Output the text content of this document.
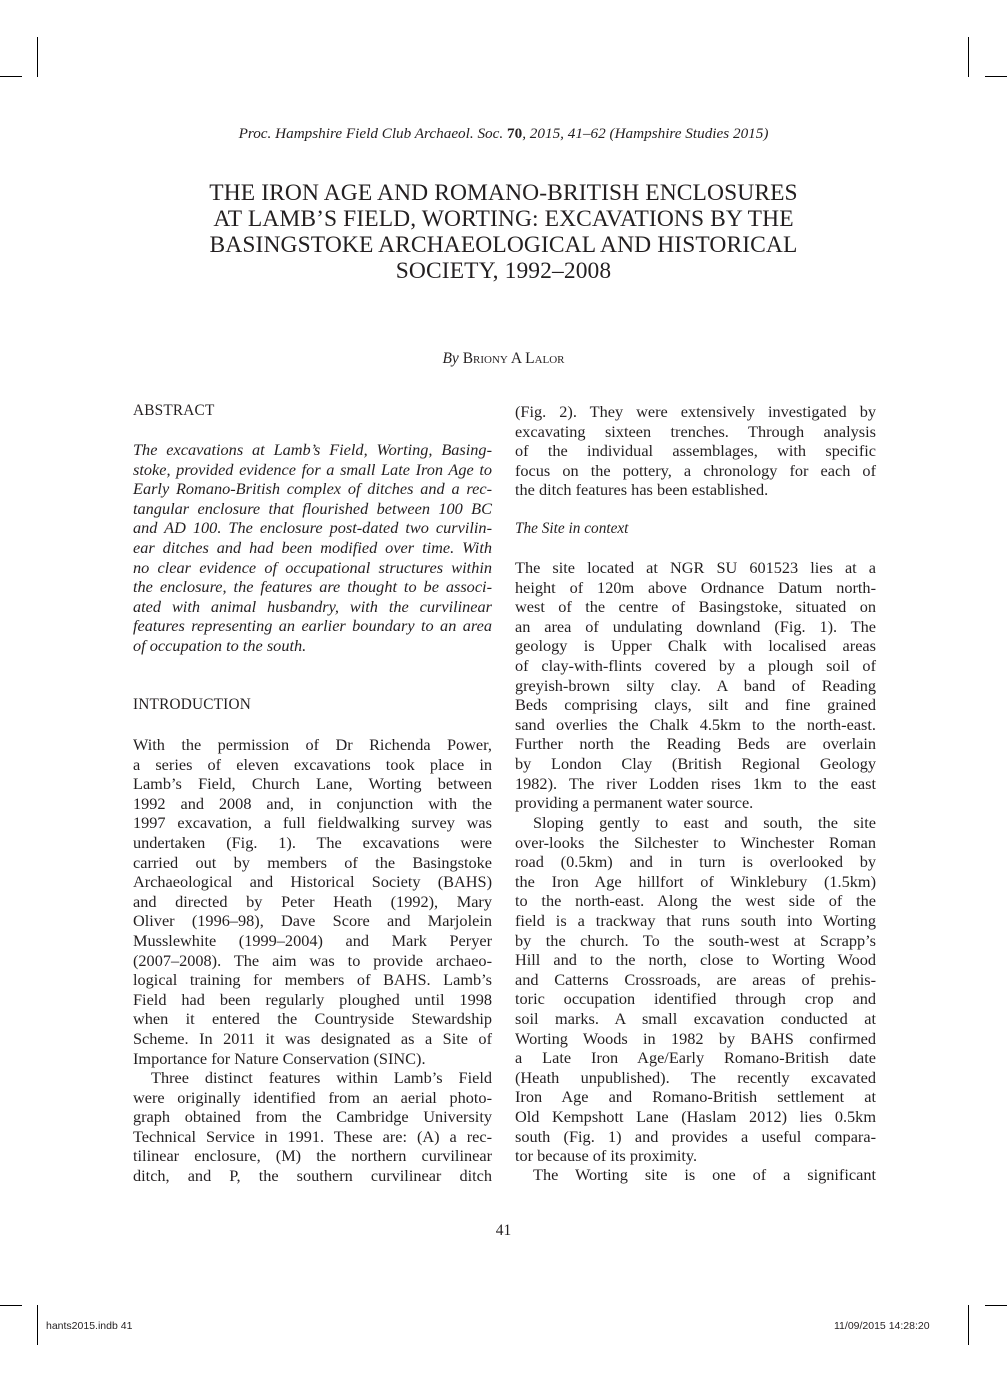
Proc. Hampshire Field Club Archaeol. Soc. 70, 2015, 41–62 (Hampshire Studies 2015)
THE IRON AGE AND ROMANO-BRITISH ENCLOSURES
AT LAMB’S FIELD, WORTING: EXCAVATIONS BY THE
BASINGSTOKE ARCHAEOLOGICAL AND HISTORICAL
SOCIETY, 1992–2008
By Briony A Lalor
ABSTRACT
The excavations at Lamb’s Field, Worting, Basing-
stoke, provided evidence for a small Late Iron Age to
Early Romano-British complex of ditches and a rec-
tangular enclosure that flourished between 100 BC
and AD 100. The enclosure post-dated two curvilin-
ear ditches and had been modified over time. With
no clear evidence of occupational structures within
the enclosure, the features are thought to be associ-
ated with animal husbandry, with the curvilinear
features representing an earlier boundary to an area
of occupation to the south.
INTRODUCTION
With the permission of Dr Richenda Power,
a series of eleven excavations took place in
Lamb’s Field, Church Lane, Worting between
1992 and 2008 and, in conjunction with the
1997 excavation, a full fieldwalking survey was
undertaken (Fig. 1). The excavations were
carried out by members of the Basingstoke
Archaeological and Historical Society (BAHS)
and directed by Peter Heath (1992), Mary
Oliver (1996–98), Dave Score and Marjolein
Musslewhite (1999–2004) and Mark Peryer
(2007–2008). The aim was to provide archaeo-
logical training for members of BAHS. Lamb’s
Field had been regularly ploughed until 1998
when it entered the Countryside Stewardship
Scheme. In 2011 it was designated as a Site of
Importance for Nature Conservation (SINC).
Three distinct features within Lamb’s Field
were originally identified from an aerial photo-
graph obtained from the Cambridge University
Technical Service in 1991. These are: (A) a rec-
tilinear enclosure, (M) the northern curvilinear
ditch, and P, the southern curvilinear ditch
(Fig. 2). They were extensively investigated by
excavating sixteen trenches. Through analysis
of the individual assemblages, with specific
focus on the pottery, a chronology for each of
the ditch features has been established.
The Site in context
The site located at NGR SU 601523 lies at a
height of 120m above Ordnance Datum north-
west of the centre of Basingstoke, situated on
an area of undulating downland (Fig. 1). The
geology is Upper Chalk with localised areas
of clay-with-flints covered by a plough soil of
greyish-brown silty clay. A band of Reading
Beds comprising clays, silt and fine grained
sand overlies the Chalk 4.5km to the north-east.
Further north the Reading Beds are overlain
by London Clay (British Regional Geology
1982). The river Lodden rises 1km to the east
providing a permanent water source.
Sloping gently to east and south, the site
over-looks the Silchester to Winchester Roman
road (0.5km) and in turn is overlooked by
the Iron Age hillfort of Winklebury (1.5km)
to the north-east. Along the west side of the
field is a trackway that runs south into Worting
by the church. To the south-west at Scrapp’s
Hill and to the north, close to Worting Wood
and Catterns Crossroads, are areas of prehis-
toric occupation identified through crop and
soil marks. A small excavation conducted at
Worting Woods in 1982 by BAHS confirmed
a Late Iron Age/Early Romano-British date
(Heath unpublished). The recently excavated
Iron Age and Romano-British settlement at
Old Kempshott Lane (Haslam 2012) lies 0.5km
south (Fig. 1) and provides a useful compara-
tor because of its proximity.
The Worting site is one of a significant
41
hants2015.indb 41	11/09/2015 14:28:20
